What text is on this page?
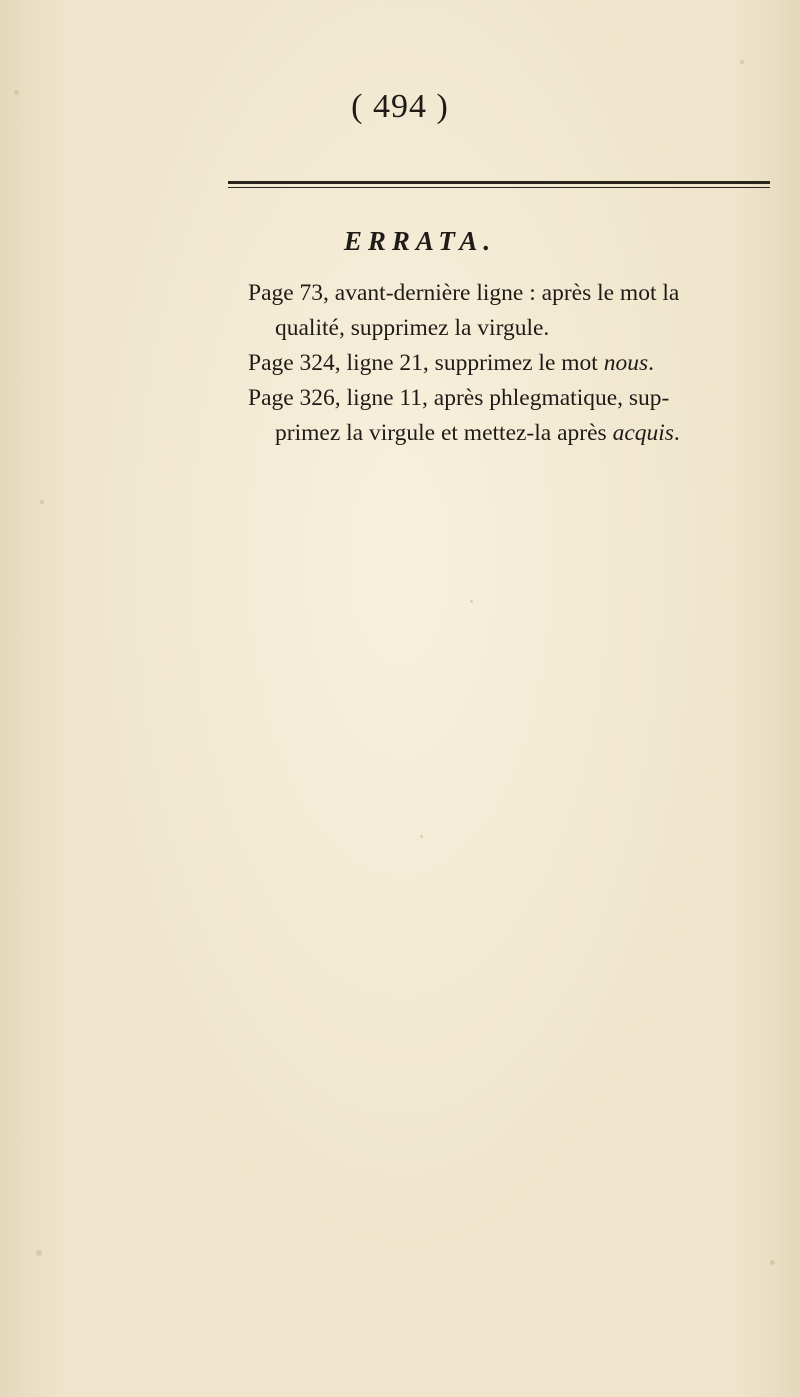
( 494 )
ERRATA.

Page 73, avant-dernière ligne : après le mot la
qualité, supprimez la virgule.

Page 324, ligne 21, supprimez le mot nous.

Page 326, ligne 11, après phlegmatique, sup-
primez la virgule et mettez-la après acquis.
